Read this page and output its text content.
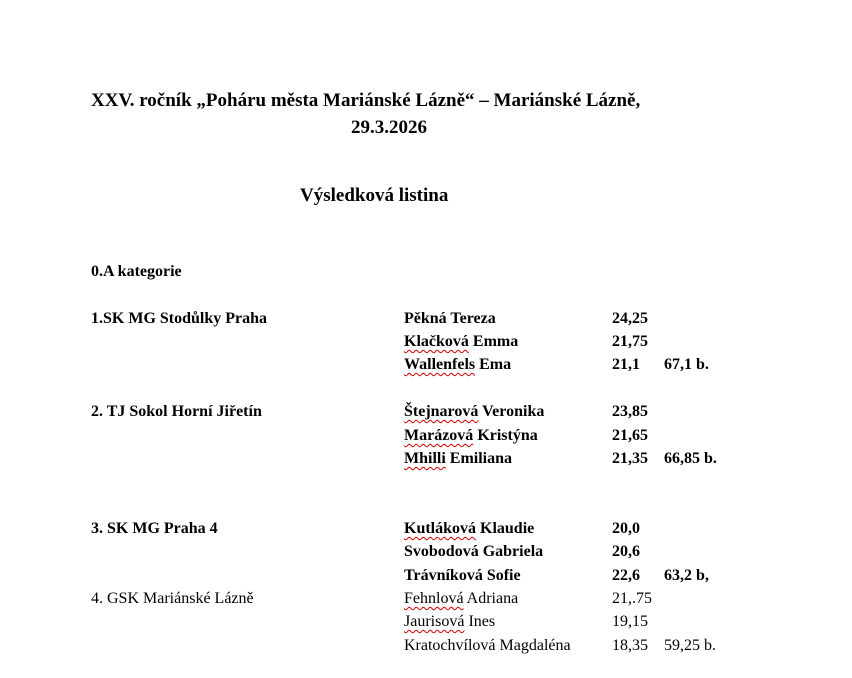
XXV. ročník „Poháru města Mariánské Lázně“ – Mariánské Lázně,
29.3.2026
Výsledková listina
0.A kategorie
1.SK MG Stodůlky Praha	Pěkná Tereza	24,25
Klačková Emma	21,75
Wallenfels Ema	21,1 67,1 b.
2. TJ Sokol Horní Jiřetín	Štejnarová Veronika	23,85
Marázová Kristýna	21,65
Mhilli Emiliana	21,35 66,85 b.
3. SK MG Praha 4	Kutláková Klaudie	20,0
Svobodová Gabriela	20,6
Trávníková Sofie	22,6 63,2 b,
4. GSK Mariánské Lázně	Fehnlová Adriana	21,.75
Jaurisová Ines	19,15
Kratochvílová Magdaléna	18,35 59,25 b.
